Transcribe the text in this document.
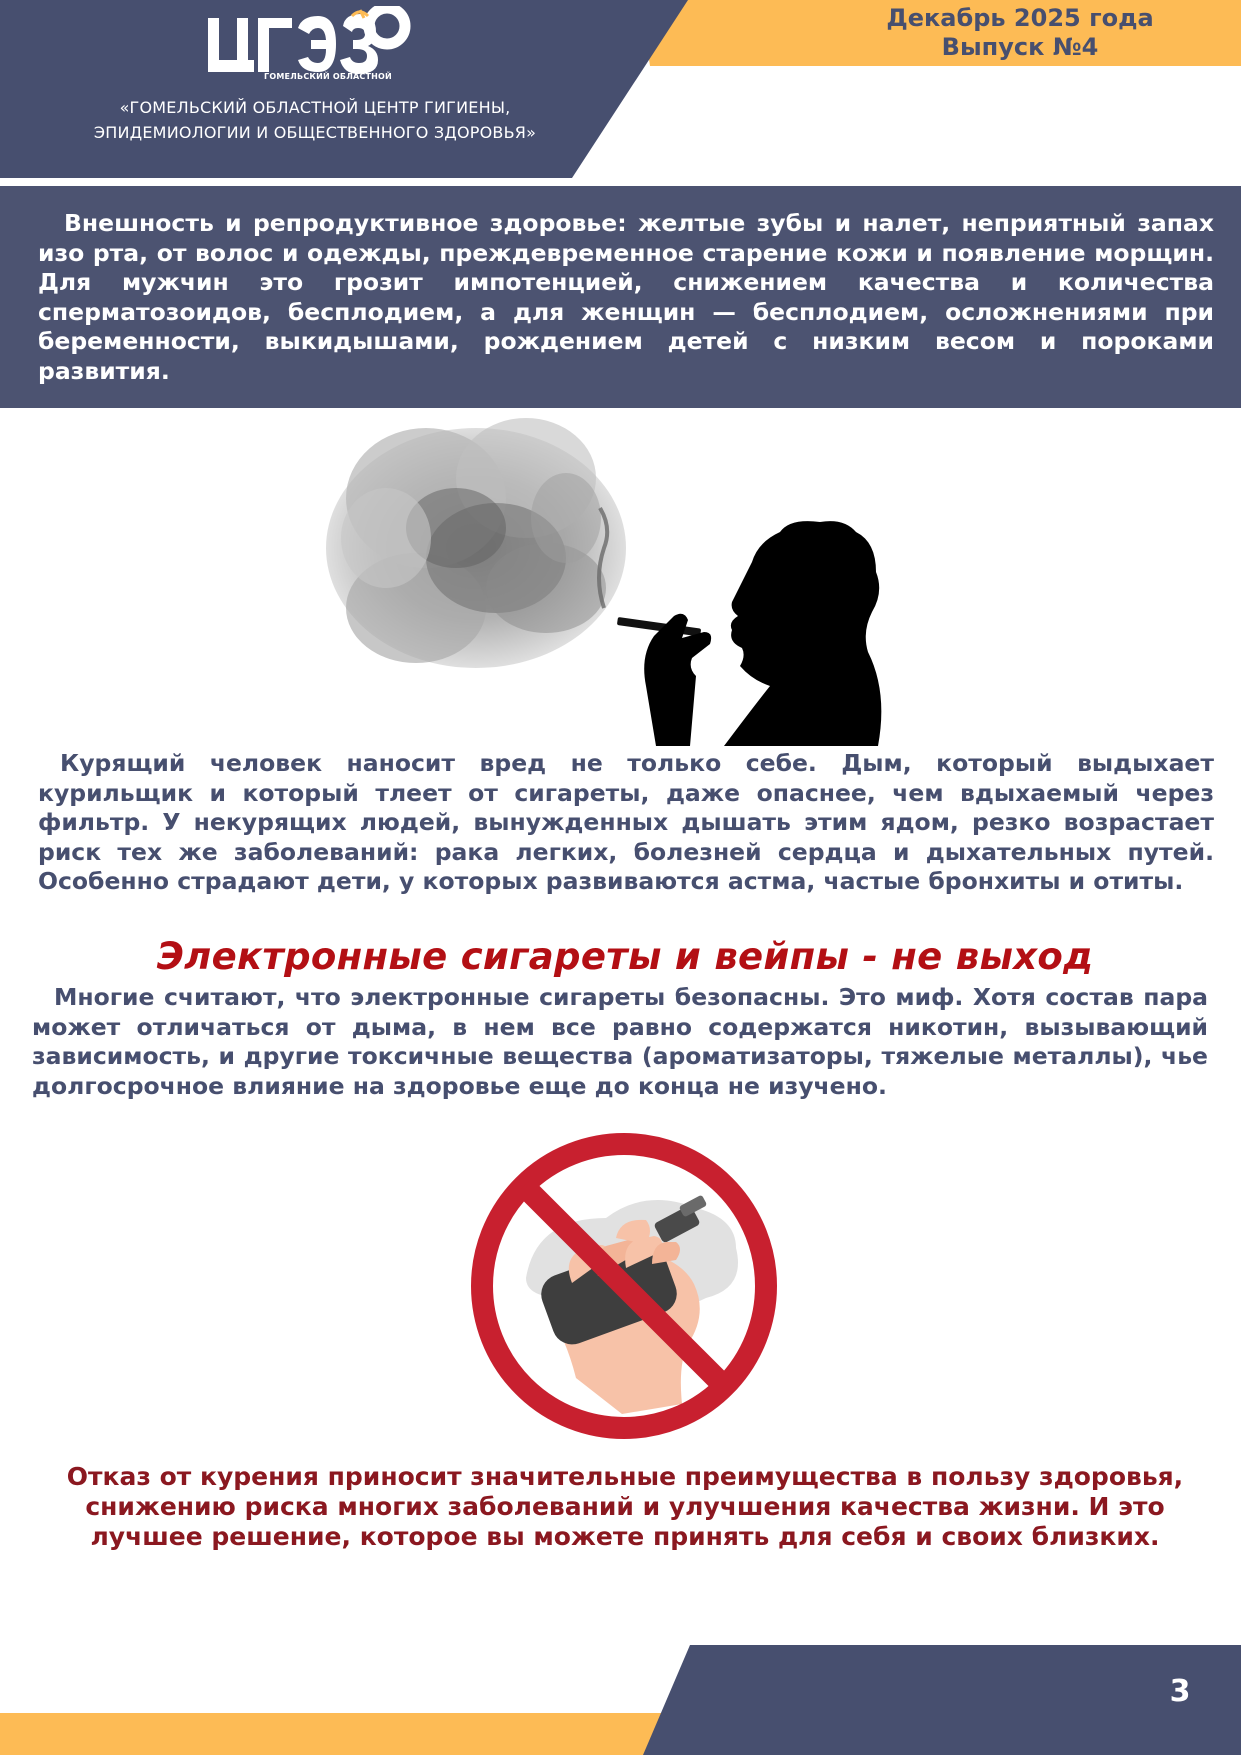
и
ГОМЕЛЬСКИЙ ОБЛАСТНОЙ
«ГОМЕЛЬСКИЙ ОБЛАСТНОЙ ЦЕНТР ГИГИЕНЫ,
ЭПИДЕМИОЛОГИИ И ОБЩЕСТВЕННОГО ЗДОРОВЬЯ»
Декабрь 2025 года
Выпуск №4

Внешность и репродуктивное здоровье: желтые зубы и налет, неприятный запах изо рта, от волос и одежды, преждевременное старение кожи и появление морщин. Для мужчин это грозит импотенцией, снижением качества и количества сперматозоидов, бесплодием, а для женщин — бесплодием, осложнениями при беременности, выкидышами, рождением детей с низким весом и пороками развития.

Курящий человек наносит вред не только себе. Дым, который выдыхает курильщик и который тлеет от сигареты, даже опаснее, чем вдыхаемый через фильтр. У некурящих людей, вынужденных дышать этим ядом, резко возрастает риск тех же заболеваний: рака легких, болезней сердца и дыхательных путей. Особенно страдают дети, у которых развиваются астма, частые бронхиты и отиты.

Электронные сигареты и вейпы - не выход

Многие считают, что электронные сигареты безопасны. Это миф. Хотя состав пара может отличаться от дыма, в нем все равно содержатся никотин, вызывающий зависимость, и другие токсичные вещества (ароматизаторы, тяжелые металлы), чье долгосрочное влияние на здоровье еще до конца не изучено.

Отказ от курения приносит значительные преимущества в пользу здоровья, снижению риска многих заболеваний и улучшения качества жизни. И это лучшее решение, которое вы можете принять для себя и своих близких.

3
